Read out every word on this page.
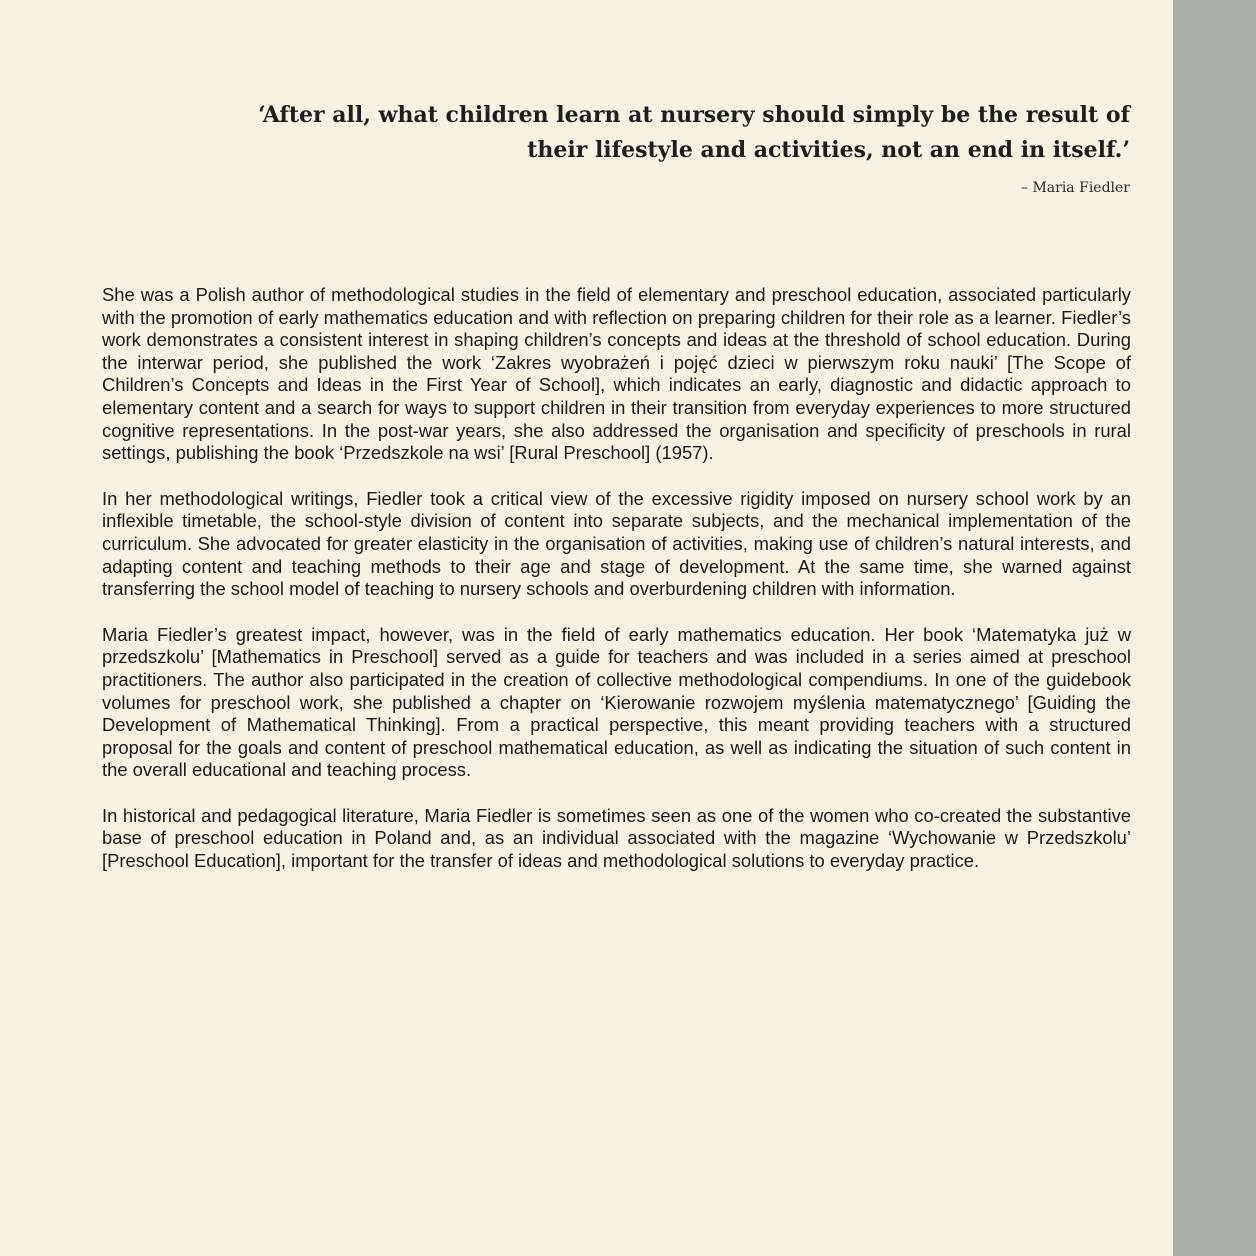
‘After all, what children learn at nursery should simply be the result of their lifestyle and activities, not an end in itself.’

– Maria Fiedler

She was a Polish author of methodological studies in the field of elementary and preschool education, associated particularly with the promotion of early mathematics education and with reflection on preparing children for their role as a learner. Fiedler’s work demonstrates a consistent interest in shaping children’s concepts and ideas at the threshold of school education. During the interwar period, she published the work ‘Zakres wyobrażeń i pojęć dzieci w pierwszym roku nauki’ [The Scope of Children’s Concepts and Ideas in the First Year of School], which indicates an early, diagnostic and didactic approach to elementary content and a search for ways to support children in their transition from everyday experiences to more structured cognitive representations. In the post-war years, she also addressed the organisation and specificity of preschools in rural settings, publishing the book ‘Przedszkole na wsi’ [Rural Preschool] (1957).

In her methodological writings, Fiedler took a critical view of the excessive rigidity imposed on nursery school work by an inflexible timetable, the school-style division of content into separate subjects, and the mechanical implementation of the curriculum. She advocated for greater elasticity in the organisation of activities, making use of children’s natural interests, and adapting content and teaching methods to their age and stage of development. At the same time, she warned against transferring the school model of teaching to nursery schools and overburdening children with information.

Maria Fiedler’s greatest impact, however, was in the field of early mathematics education. Her book ‘Matematyka już w przedszkolu’ [Mathematics in Preschool] served as a guide for teachers and was included in a series aimed at preschool practitioners. The author also participated in the creation of collective methodological compendiums. In one of the guidebook volumes for preschool work, she published a chapter on ‘Kierowanie rozwojem myślenia matematycznego’ [Guiding the Development of Mathematical Thinking]. From a practical perspective, this meant providing teachers with a structured proposal for the goals and content of preschool mathematical education, as well as indicating the situation of such content in the overall educational and teaching process.

In historical and pedagogical literature, Maria Fiedler is sometimes seen as one of the women who co-created the substantive base of preschool education in Poland and, as an individual associated with the magazine ‘Wychowanie w Przedszkolu’ [Preschool Education], important for the transfer of ideas and methodological solutions to everyday practice.
